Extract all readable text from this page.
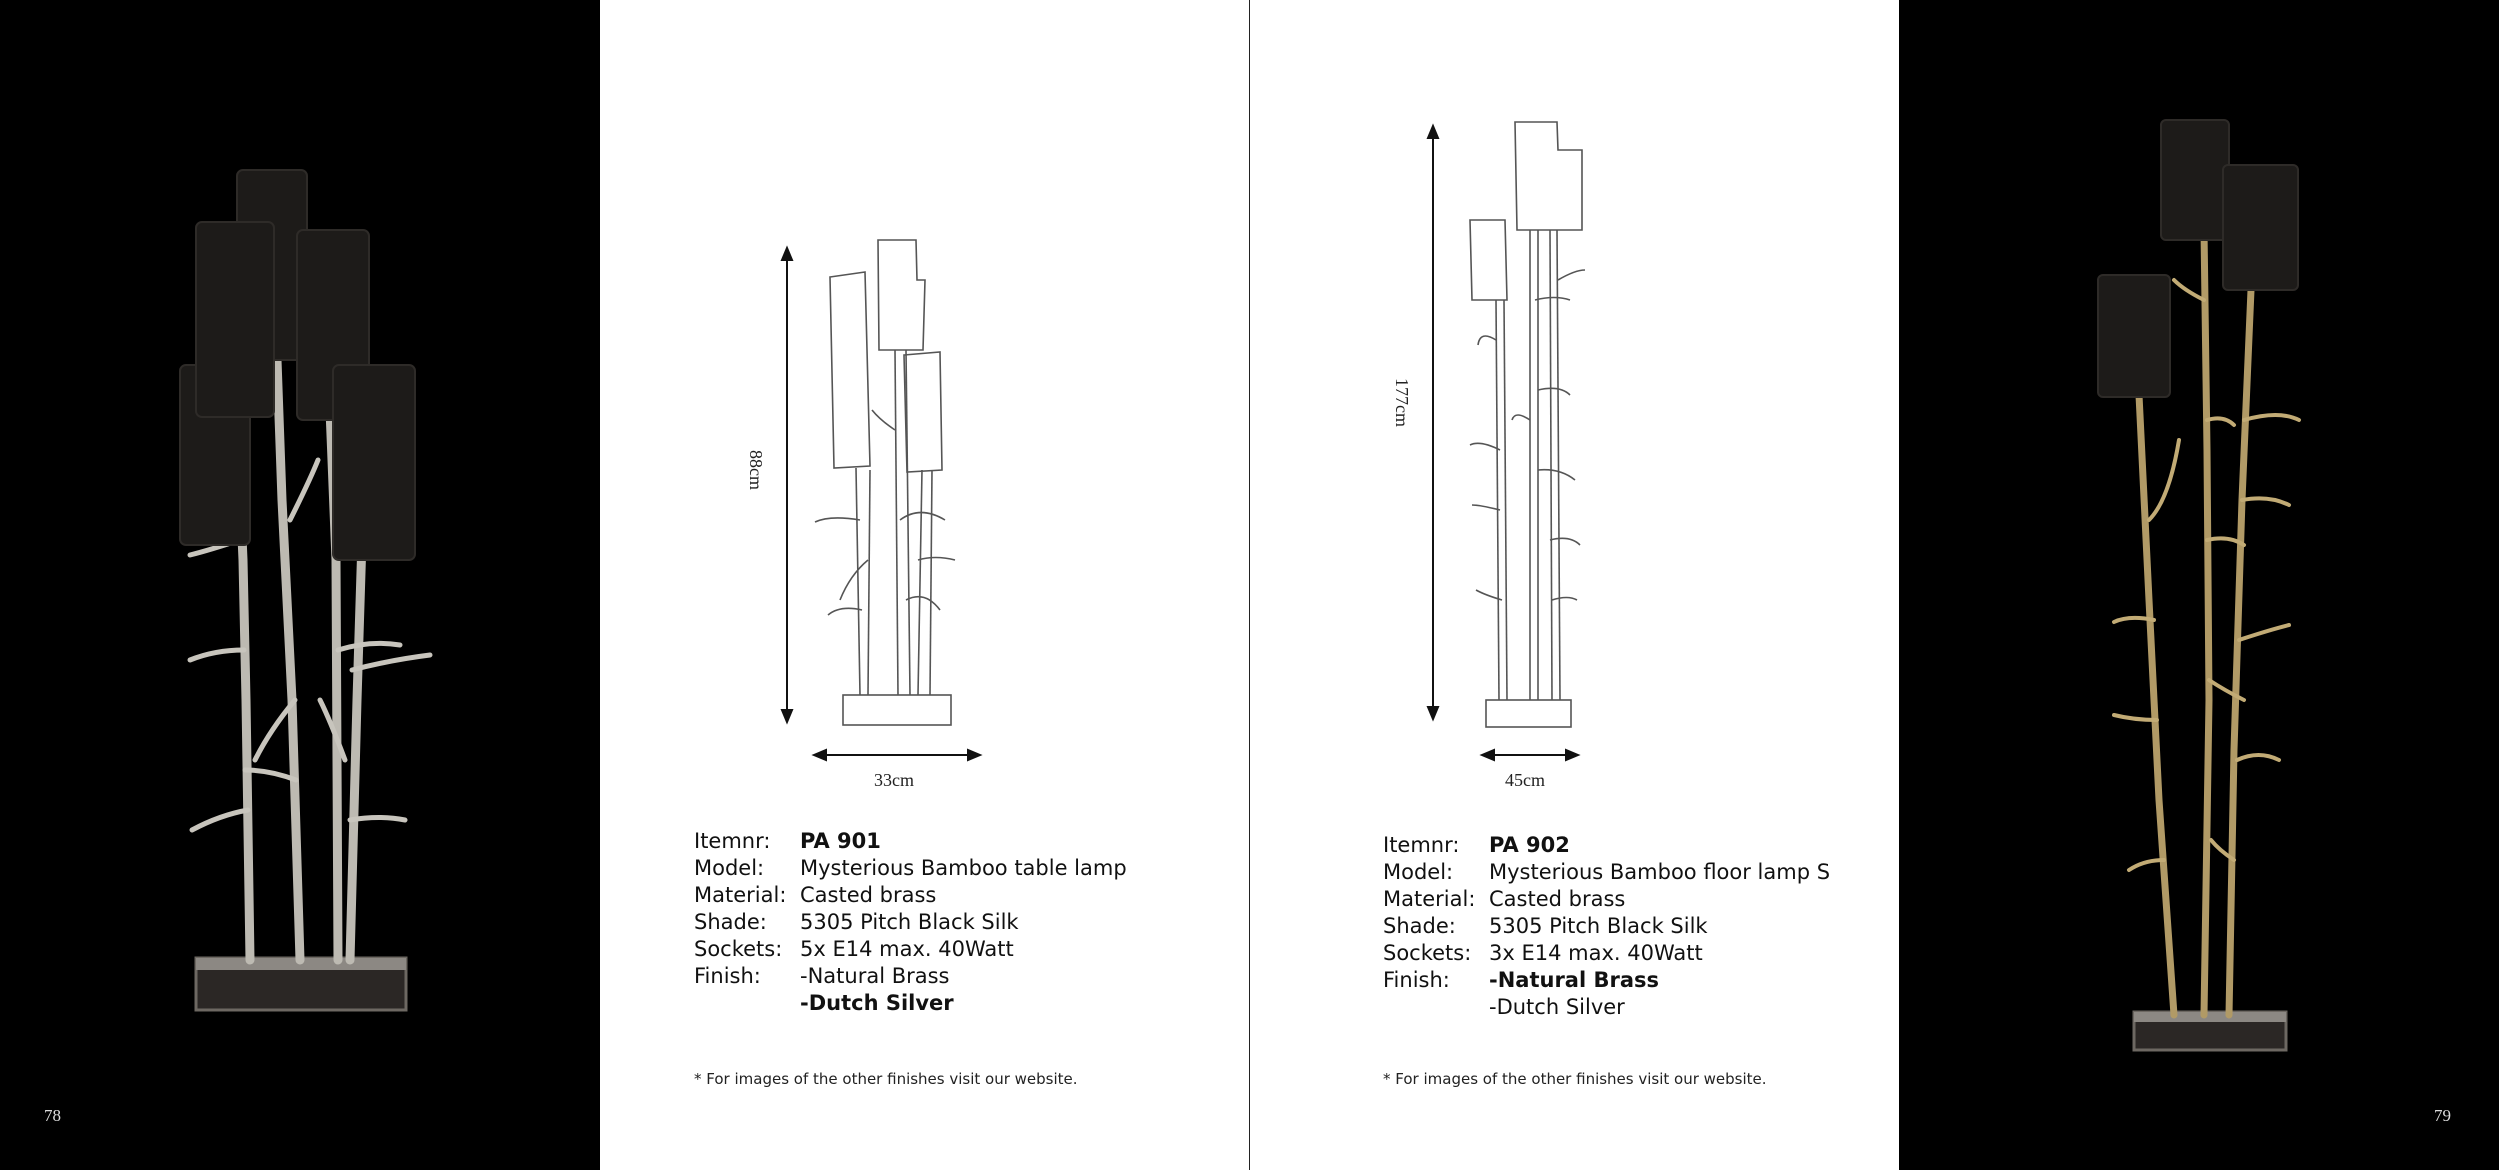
78
88cm
33cm
Itemnr:	PA 901
Model:	Mysterious Bamboo table lamp
Material: Casted brass
Shade:	5305 Pitch Black Silk
Sockets: 5x E14 max. 40Watt
Finish:	-Natural Brass
-Dutch Silver
* For images of the other finishes visit our website.
177cm
45cm
Itemnr:	PA 902
Model:	Mysterious Bamboo floor lamp S
Material: Casted brass
Shade:	5305 Pitch Black Silk
Sockets: 3x E14 max. 40Watt
Finish:	-Natural Brass
-Dutch Silver
* For images of the other finishes visit our website.
79
